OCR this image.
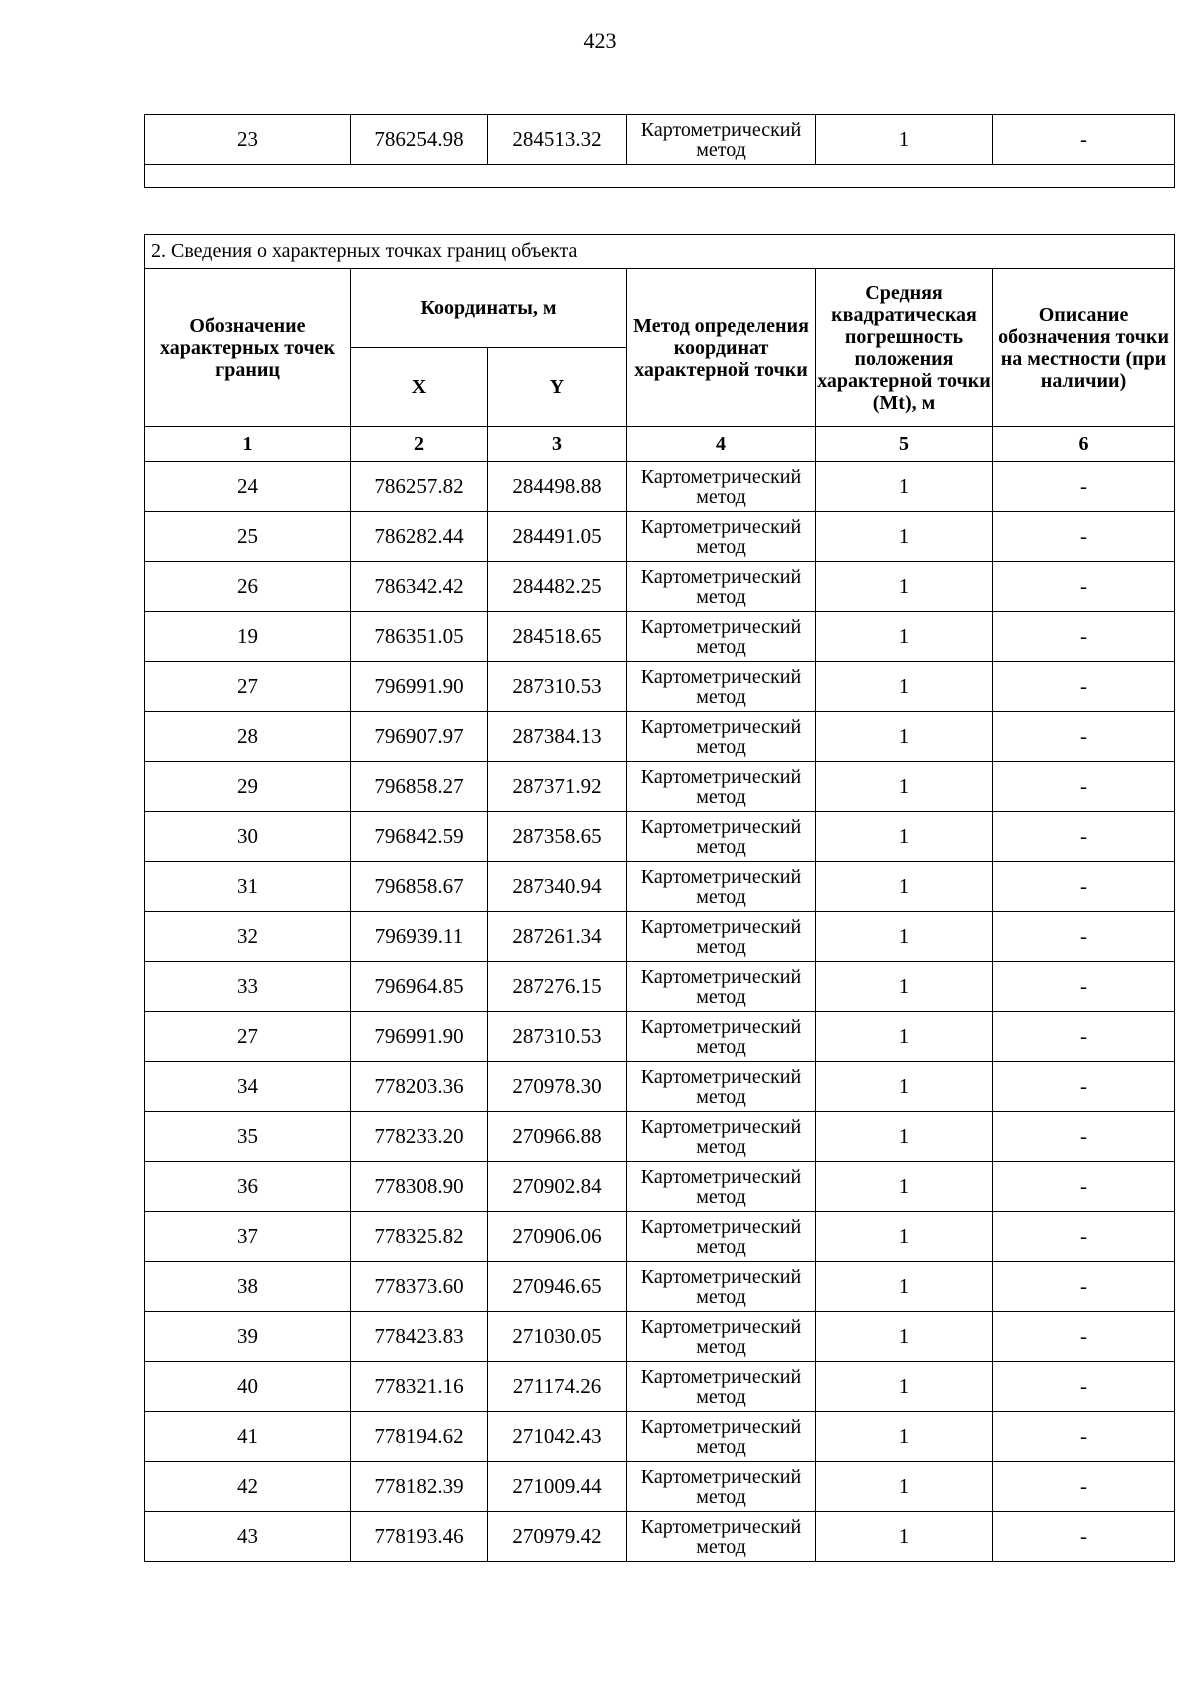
423
23	786254.98	284513.32	Картометрический метод	1	-

2. Сведения о характерных точках границ объекта					
Обозначение характерных точек границ	Координаты, м		Метод определения координат характерной точки	Средняя квадратическая погрешность положения характерной точки (Mt), м	Описание обозначения точки на местности (при наличии)
	X	Y			
1	2	3	4	5	6
24	786257.82	284498.88	Картометрический метод	1	-
25	786282.44	284491.05	Картометрический метод	1	-
26	786342.42	284482.25	Картометрический метод	1	-
19	786351.05	284518.65	Картометрический метод	1	-
27	796991.90	287310.53	Картометрический метод	1	-
28	796907.97	287384.13	Картометрический метод	1	-
29	796858.27	287371.92	Картометрический метод	1	-
30	796842.59	287358.65	Картометрический метод	1	-
31	796858.67	287340.94	Картометрический метод	1	-
32	796939.11	287261.34	Картометрический метод	1	-
33	796964.85	287276.15	Картометрический метод	1	-
27	796991.90	287310.53	Картометрический метод	1	-
34	778203.36	270978.30	Картометрический метод	1	-
35	778233.20	270966.88	Картометрический метод	1	-
36	778308.90	270902.84	Картометрический метод	1	-
37	778325.82	270906.06	Картометрический метод	1	-
38	778373.60	270946.65	Картометрический метод	1	-
39	778423.83	271030.05	Картометрический метод	1	-
40	778321.16	271174.26	Картометрический метод	1	-
41	778194.62	271042.43	Картометрический метод	1	-
42	778182.39	271009.44	Картометрический метод	1	-
43	778193.46	270979.42	Картометрический метод	1	-
